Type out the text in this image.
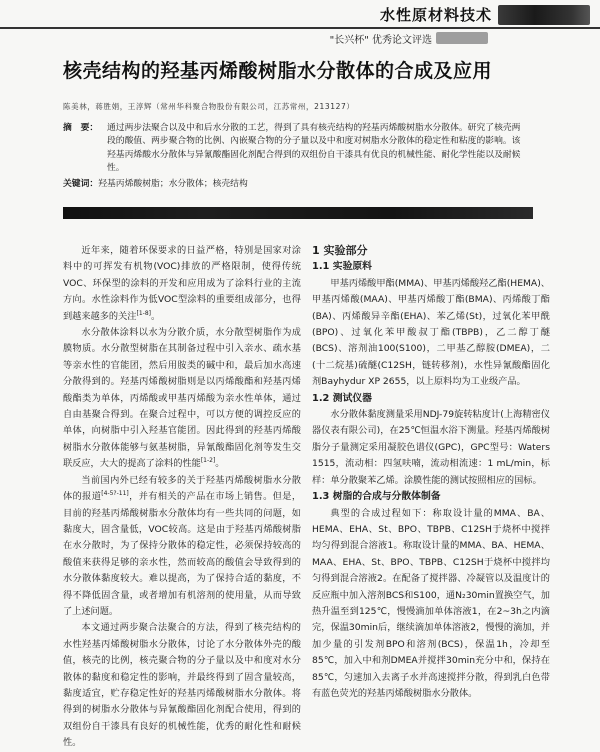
水性原材料技术
"长兴杯" 优秀论文评选
核壳结构的羟基丙烯酸树脂水分散体的合成及应用
陈美林，蒋胜娟，王淳辉（常州华科聚合物股份有限公司，江苏常州，213127）
摘　要： 通过两步法聚合以及中和后水分散的工艺，得到了具有核壳结构的羟基丙烯酸树脂水分散体。研究了核壳两段的酸值、两步聚合物的比例、內嵌聚合物的分子量以及中和度对树脂水分散体的稳定性和粘度的影响。该羟基丙烯酸水分散体与异氰酸酯固化剂配合得到的双组份自干漆具有优良的机械性能、耐化学性能以及耐候性。
关键词：羟基丙烯酸树脂；水分散体；核壳结构

近年来，随着环保要求的日益严格，特别是国家对涂料中的可挥发有机物(VOC)排放的严格限制，使得传统VOC、环保型的涂料的开发和应用成为了涂料行业的主流方向。水性涂料作为低VOC型涂料的重要组成部分，也得到越来越多的关注[1-8]。

水分散体涂料以水为分散介质，水分散型树脂作为成膜物质。水分散型树脂在其制备过程中引入亲水、疏水基等亲水性的官能团，然后用胺类的碱中和，最后加水高速分散得到的。羟基丙烯酸树脂则是以丙烯酸酯和羟基丙烯酸酯类为单体，丙烯酸或甲基丙烯酸为亲水性单体，通过自由基聚合得到。在聚合过程中，可以方便的调控反应的单体，向树脂中引入羟基官能团。因此得到的羟基丙烯酸树脂水分散体能够与氨基树脂，异氰酸酯固化剂等发生交联反应，大大的提高了涂料的性能[1-2]。

当前国内外已经有较多的关于羟基丙烯酸树脂水分散体的报道[4-5?-11]，并有相关的产品在市场上销售。但是，目前的羟基丙烯酸树脂水分散体均有一些共同的问题，如黏度大，固含量低，VOC较高。这是由于羟基丙烯酸树脂在水分散时，为了保持分散体的稳定性，必须保持较高的酸值来获得足够的亲水性，然而较高的酸值会导致得到的水分散体黏度较大。难以提高，为了保持合适的黏度，不得不降低固含量，或者增加有机溶剂的使用量，从而导致了上述问题。

本文通过两步聚合法聚合的方法，得到了核壳结构的水性羟基丙烯酸树脂水分散体，讨论了水分散体外壳的酸值，核壳的比例，核壳聚合物的分子量以及中和度对水分散体的黏度和稳定性的影响，并最终得到了固含量较高，黏度适宜，贮存稳定性好的羟基丙烯酸树脂水分散体。将得到的树脂水分散体与异氰酸酯固化剂配合使用，得到的双组份自干漆具有良好的机械性能，优秀的耐化性和耐候性。

1 实验部分

1.1 实验原料

甲基丙烯酸甲酯(MMA)、甲基丙烯酸羟乙酯(HEMA)、甲基丙烯酸(MAA)、甲基丙烯酸丁酯(BMA)、丙烯酸丁酯(BA)、丙烯酸异辛酯(EHA)、苯乙烯(St)，过氧化苯甲酰(BPO)、过氧化苯甲酸叔丁酯(TBPB)，乙二醇丁醚(BCS)、溶剂油100(S100)，二甲基乙醇胺(DMEA)，二(十二烷基)硫醚(C12SH，链转移剂)，水性异氰酸酯固化剂Bayhydur XP 2655，以上原料均为工业级产品。

1.2 测试仪器

水分散体黏度测量采用NDJ-79旋转粘度计(上海精密仪器仪表有限公司)，在25℃恒温水浴下测量。羟基丙烯酸树脂分子量测定采用凝胶色谱仪(GPC)，GPC型号：Waters 1515，流动相：四氢呋喃，流动相流速：1 mL/min，标样：单分散聚苯乙烯。涂膜性能的测试按照相应的国标。

1.3 树脂的合成与分散体制备

典型的合成过程如下：称取设计量的MMA、BA、HEMA、EHA、St、BPO、TBPB、C12SH于烧杯中搅拌均匀得到混合溶液1。称取设计量的MMA、BA、HEMA、MAA、EHA、St、BPO、TBPB、C12SH于烧杯中搅拌均匀得到混合溶液2。在配备了搅拌器、冷凝管以及温度计的反应瓶中加入溶剂BCS和S100，通N₂30min置换空气，加热升温至到125℃，慢慢滴加单体溶液1，在2~3h之内滴完，保温30min后，继续滴加单体溶液2，慢慢的滴加，并加少量的引发剂BPO和溶剂(BCS)，保温1h，冷却至85℃，加入中和剂DMEA并搅拌30min充分中和，保持在85℃，匀速加入去离子水并高速搅拌分散，得到乳白色带有蓝色荧光的羟基丙烯酸树脂水分散体。
